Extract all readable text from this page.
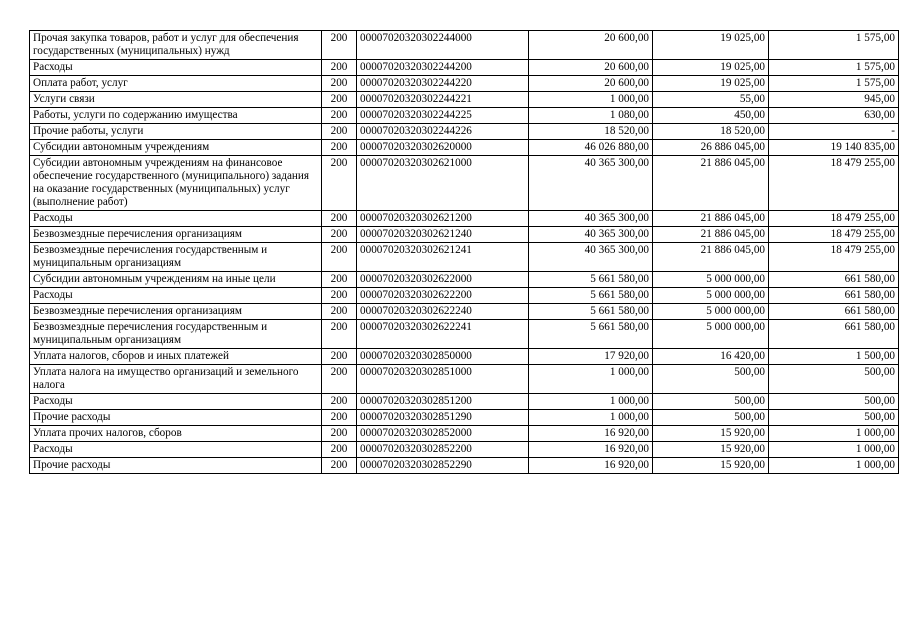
Прочая закупка товаров, работ и услуг для обеспечения государственных (муниципальных) нужд	200	00007020320302244000	20 600,00	19 025,00	1 575,00
Расходы	200	00007020320302244200	20 600,00	19 025,00	1 575,00
Оплата работ, услуг	200	00007020320302244220	20 600,00	19 025,00	1 575,00
Услуги связи	200	00007020320302244221	1 000,00	55,00	945,00
Работы, услуги по содержанию имущества	200	00007020320302244225	1 080,00	450,00	630,00
Прочие работы, услуги	200	00007020320302244226	18 520,00	18 520,00	-
Субсидии автономным учреждениям	200	00007020320302620000	46 026 880,00	26 886 045,00	19 140 835,00
Субсидии автономным учреждениям на финансовое обеспечение государственного (муниципального) задания на оказание государственных (муниципальных) услуг (выполнение работ)	200	00007020320302621000	40 365 300,00	21 886 045,00	18 479 255,00
Расходы	200	00007020320302621200	40 365 300,00	21 886 045,00	18 479 255,00
Безвозмездные перечисления организациям	200	00007020320302621240	40 365 300,00	21 886 045,00	18 479 255,00
Безвозмездные перечисления государственным и муниципальным организациям	200	00007020320302621241	40 365 300,00	21 886 045,00	18 479 255,00
Субсидии автономным учреждениям на иные цели	200	00007020320302622000	5 661 580,00	5 000 000,00	661 580,00
Расходы	200	00007020320302622200	5 661 580,00	5 000 000,00	661 580,00
Безвозмездные перечисления организациям	200	00007020320302622240	5 661 580,00	5 000 000,00	661 580,00
Безвозмездные перечисления государственным и муниципальным организациям	200	00007020320302622241	5 661 580,00	5 000 000,00	661 580,00
Уплата налогов, сборов и иных платежей	200	00007020320302850000	17 920,00	16 420,00	1 500,00
Уплата налога на имущество организаций и земельного налога	200	00007020320302851000	1 000,00	500,00	500,00
Расходы	200	00007020320302851200	1 000,00	500,00	500,00
Прочие расходы	200	00007020320302851290	1 000,00	500,00	500,00
Уплата прочих налогов, сборов	200	00007020320302852000	16 920,00	15 920,00	1 000,00
Расходы	200	00007020320302852200	16 920,00	15 920,00	1 000,00
Прочие расходы	200	00007020320302852290	16 920,00	15 920,00	1 000,00
